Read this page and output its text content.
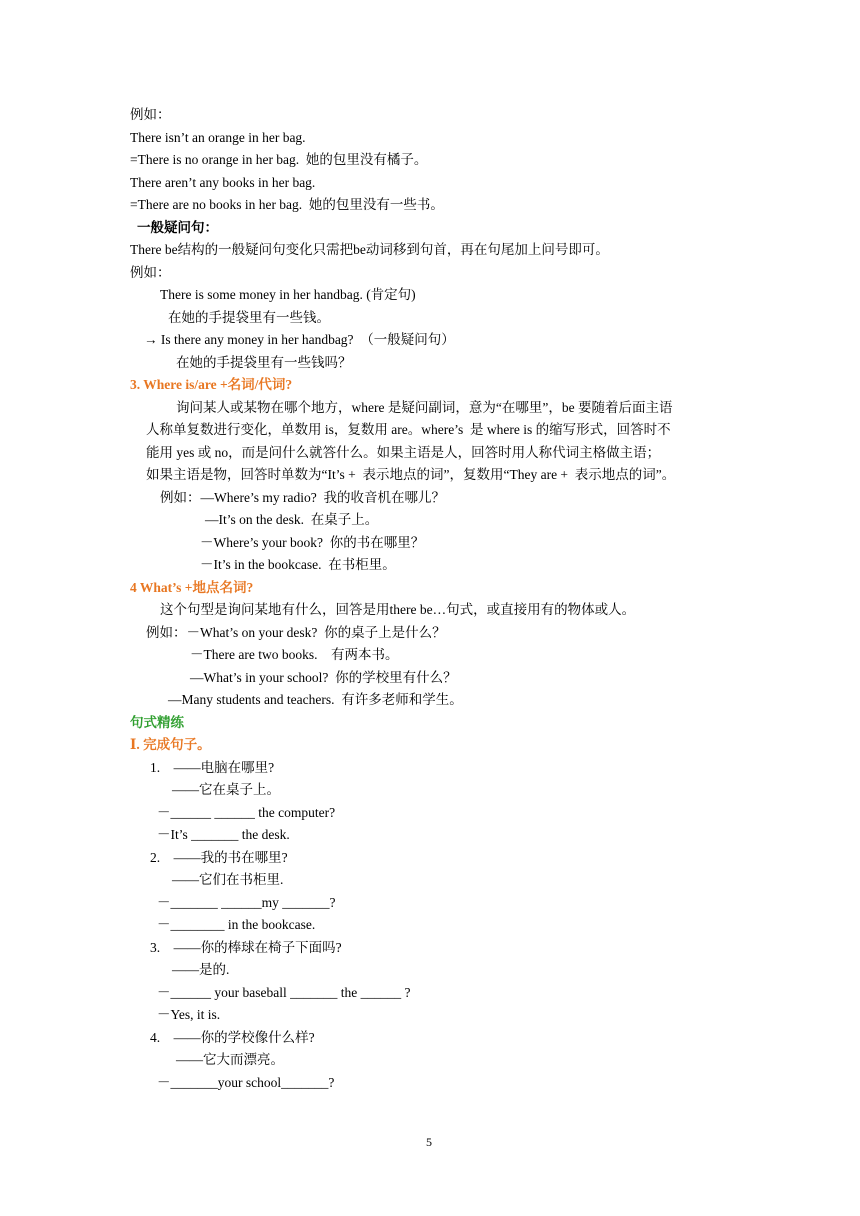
例如：
There isn’t an orange in her bag.
=There is no orange in her bag.  她的包里没有橘子。
There aren’t any books in her bag.
=There are no books in her bag.  她的包里没有一些书。
一般疑问句：
There be结构的一般疑问句变化只需把be动词移到句首，再在句尾加上问号即可。
例如：
There is some money in her handbag. (肯定句)
在她的手提袋里有一些钱。
→ Is there any money in her handbag?  （一般疑问句）
在她的手提袋里有一些钱吗？
3. Where is/are +名词/代词?
询问某人或某物在哪个地方，where 是疑问副词，意为“在哪里”，be 要随着后面主语
人称单复数进行变化，单数用 is，复数用 are。where’s  是 where is 的缩写形式，回答时不
能用 yes 或 no，而是问什么就答什么。如果主语是人，回答时用人称代词主格做主语；
如果主语是物，回答时单数为“It’s +  表示地点的词”，复数用“They are +  表示地点的词”。
例如：—Where’s my radio?  我的收音机在哪儿？
—It’s on the desk.  在桌子上。
－Where’s your book?  你的书在哪里？
－It’s in the bookcase.  在书柜里。
4 What’s +地点名词?
这个句型是询问某地有什么，回答是用there be…句式，或直接用有的物体或人。
例如：－What’s on your desk?  你的桌子上是什么？
－There are two books.    有两本书。
—What’s in your school?  你的学校里有什么？
—Many students and teachers.  有许多老师和学生。
句式精练
Ⅰ. 完成句子。
1.    ——电脑在哪里?
——它在桌子上。
－______ ______ the computer?
－It’s _______ the desk.
2.    ——我的书在哪里?
——它们在书柜里.
－_______ ______my _______?
－________ in the bookcase.
3.    ——你的棒球在椅子下面吗?
——是的.
－______ your baseball _______ the ______ ?
－Yes, it is.
4.    ——你的学校像什么样?
——它大而漂亮。
－_______your school_______?
5
